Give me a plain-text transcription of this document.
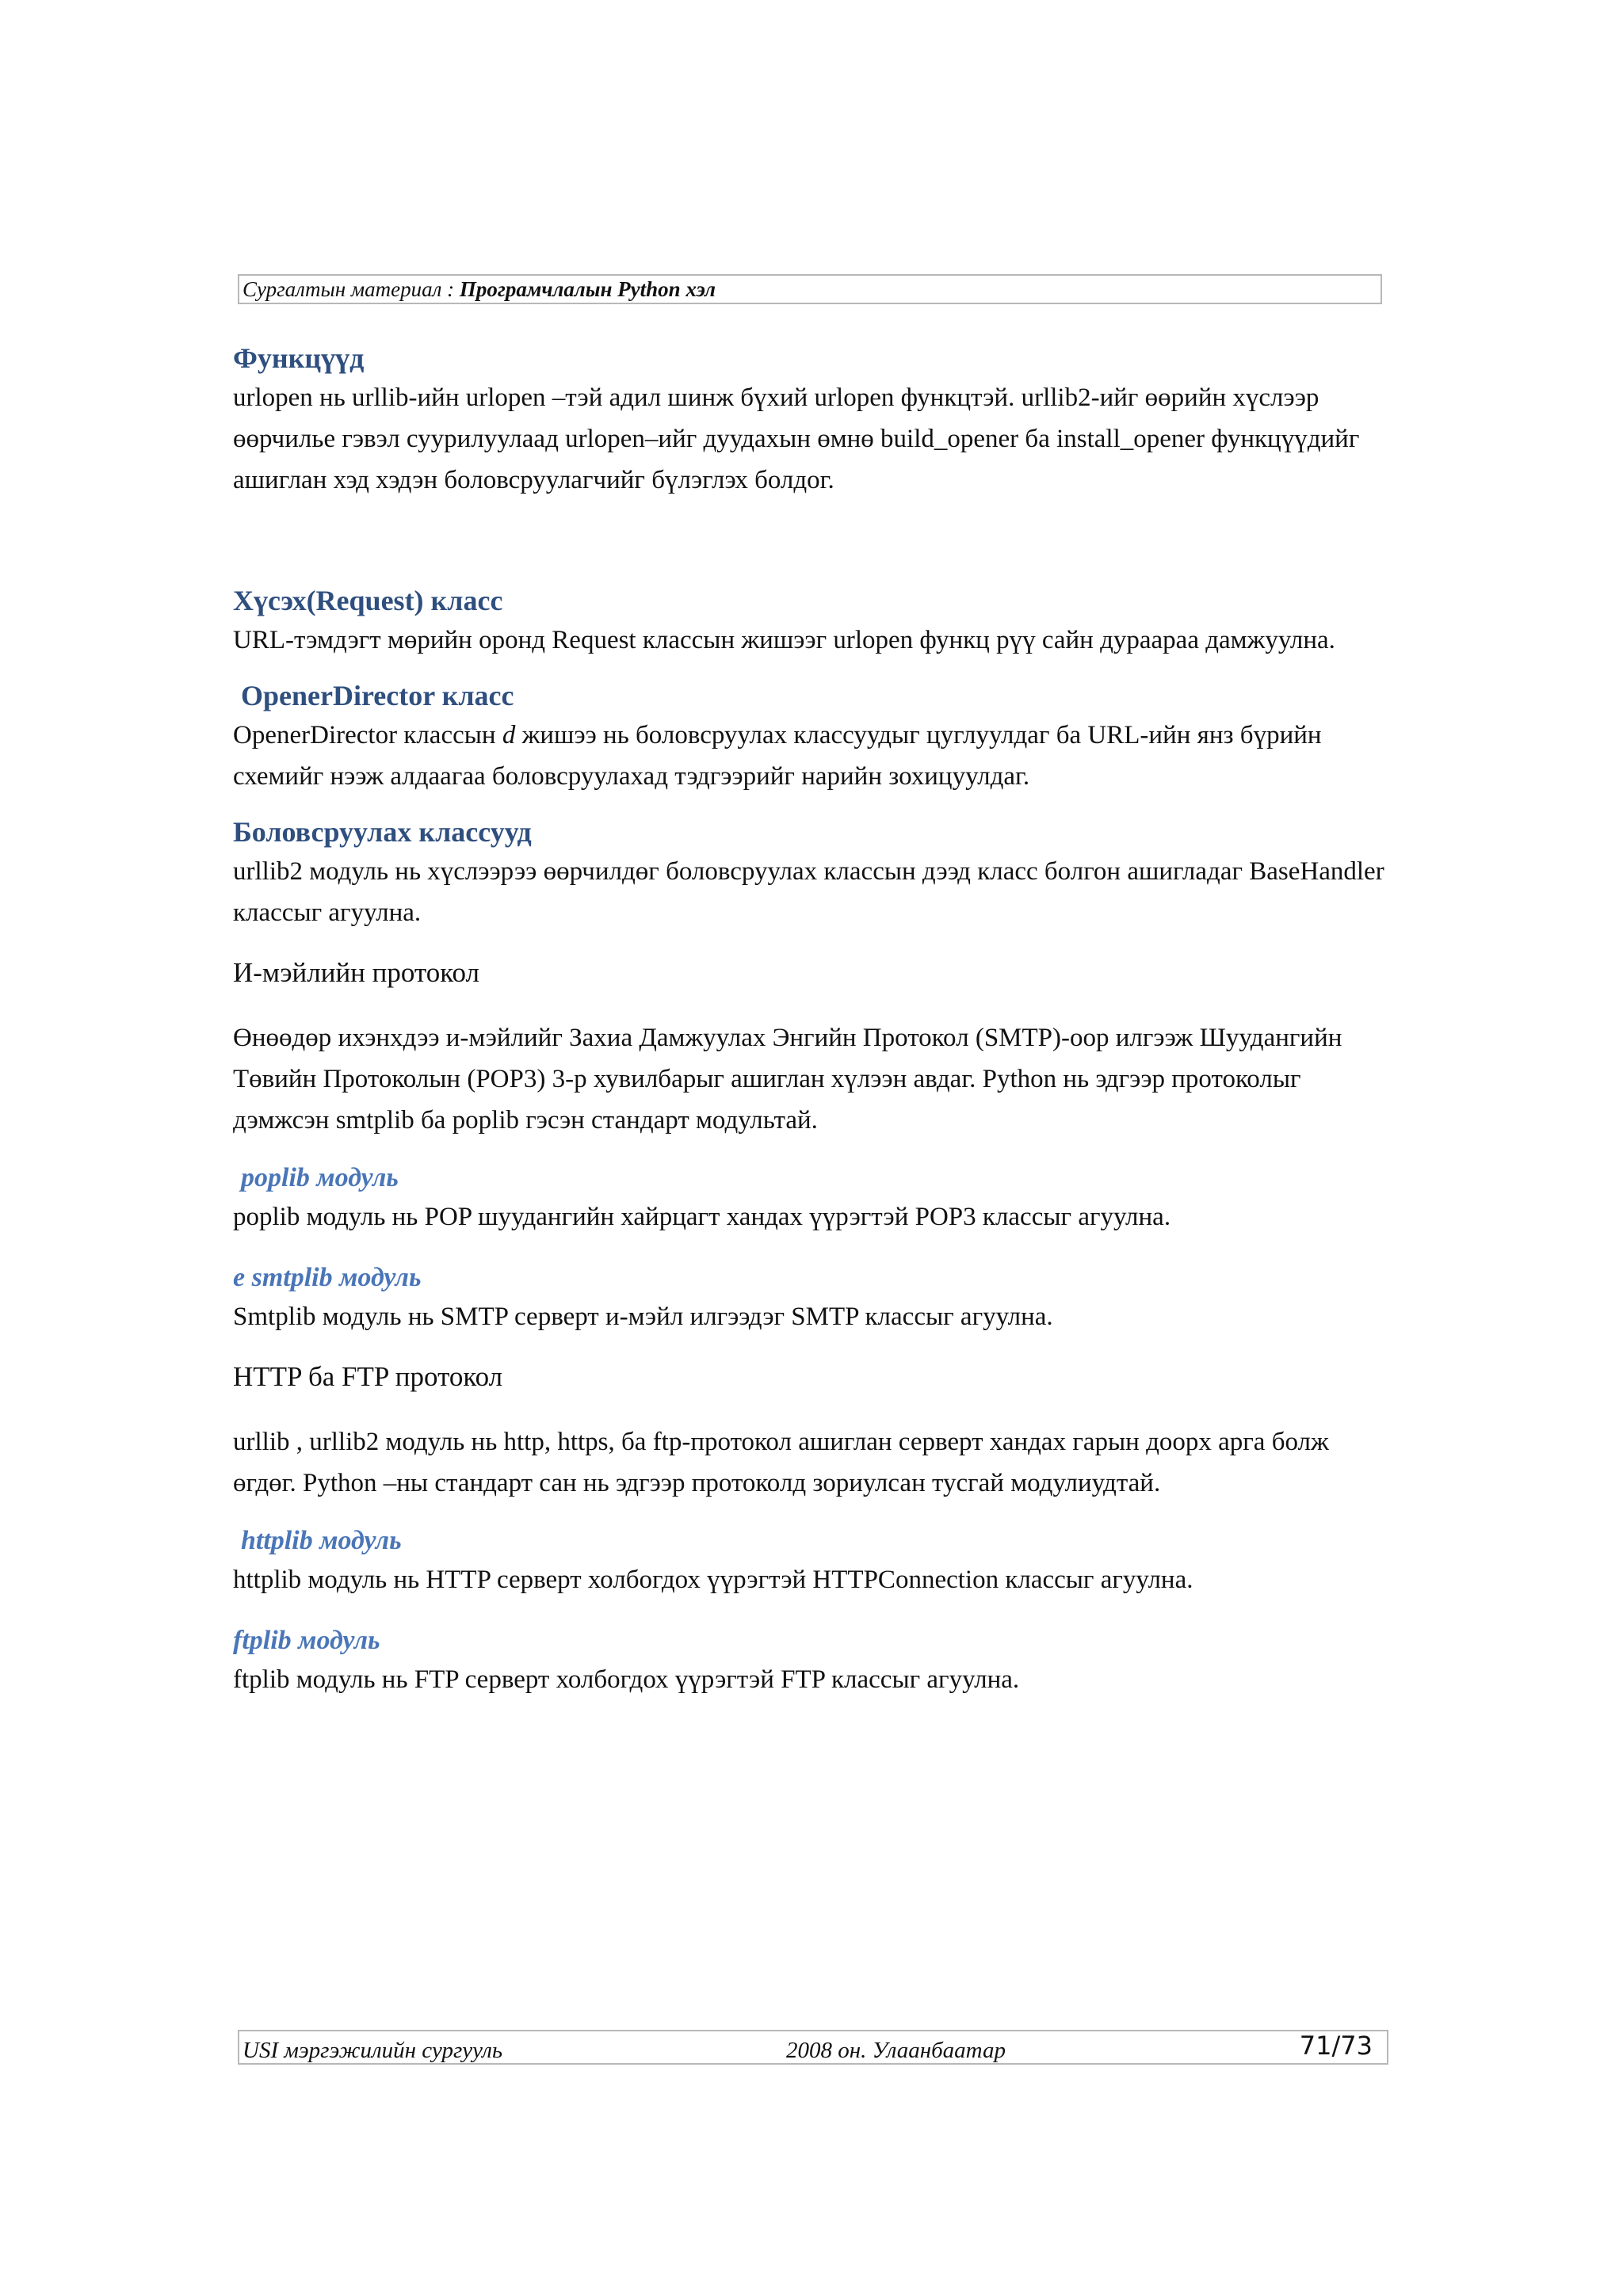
Сургалтын материал : Програмчлалын Python хэл
Функцүүд

urlopen нь urllib-ийн urlopen –тэй адил шинж бүхий urlopen функцтэй. urllib2-ийг өөрийн хүслээр өөрчилье гэвэл суурилуулаад urlopen–ийг дуудахын өмнө build_opener ба install_opener функцүүдийг ашиглан хэд хэдэн боловсруулагчийг бүлэглэх болдог.

Хүсэх(Request) класс

URL-тэмдэгт мөрийн оронд Request классын жишээг urlopen функц рүү сайн дураараа дамжуулна.

OpenerDirector класс

OpenerDirector классын d жишээ нь боловсруулах классуудыг цуглуулдаг ба URL-ийн янз бүрийн схемийг нээж алдаагаа боловсруулахад тэдгээрийг нарийн зохицуулдаг.

Боловсруулах классууд

urllib2 модуль нь хүслээрээ өөрчилдөг боловсруулах классын дээд класс болгон ашигладаг BaseHandler классыг агуулна.

И-мэйлийн протокол

Өнөөдөр ихэнхдээ и-мэйлийг Захиа Дамжуулах Энгийн Протокол (SMTP)-оор илгээж Шуудангийн Төвийн Протоколын (POP3) 3-р хувилбарыг ашиглан хүлээн авдаг. Python нь эдгээр протоколыг дэмжсэн smtplib ба poplib гэсэн стандарт модультай.

poplib модуль

poplib модуль нь POP шуудангийн хайрцагт хандах үүрэгтэй POP3 классыг агуулна.

e smtplib модуль

Smtplib модуль нь SMTP серверт и-мэйл илгээдэг SMTP классыг агуулна.

HTTP ба FTP протокол

urllib , urllib2 модуль нь http, https, ба ftp-протокол ашиглан серверт хандах гарын доорх арга болж өгдөг. Python –ны стандарт сан нь эдгээр протоколд зориулсан тусгай модулиудтай.

httplib модуль

httplib модуль нь HTTP серверт холбогдох үүрэгтэй HTTPConnection классыг агуулна.

ftplib модуль

ftplib модуль нь FTP серверт холбогдох үүрэгтэй FTP классыг агуулна.

USI мэргэжилийн сургууль	2008 он. Улаанбаатар	71/73
